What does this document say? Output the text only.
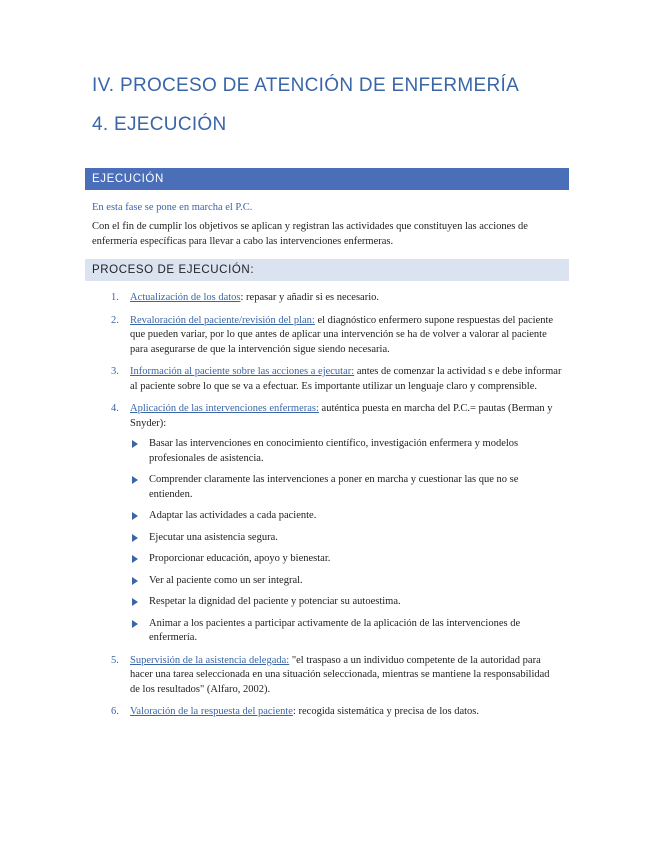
IV. PROCESO DE ATENCIÓN DE ENFERMERÍA
4. EJECUCIÓN
EJECUCIÓN
En esta fase se pone en marcha el P.C.
Con el fin de cumplir los objetivos se aplican y registran las actividades que constituyen las acciones de enfermería específicas para llevar a cabo las intervenciones enfermeras.
PROCESO DE EJECUCIÓN:
1. Actualización de los datos: repasar y añadir si es necesario.
2. Revaloración del paciente/revisión del plan: el diagnóstico enfermero supone respuestas del paciente que pueden variar, por lo que antes de aplicar una intervención se ha de volver a valorar al paciente para asegurarse de que la intervención sigue siendo necesaria.
3. Información al paciente sobre las acciones a ejecutar: antes de comenzar la actividad s e debe informar al paciente sobre lo que se va a efectuar. Es importante utilizar un lenguaje claro y comprensible.
4. Aplicación de las intervenciones enfermeras: auténtica puesta en marcha del P.C.= pautas (Berman y Snyder):
Basar las intervenciones en conocimiento científico, investigación enfermera y modelos profesionales de asistencia.
Comprender claramente las intervenciones a poner en marcha y cuestionar las que no se entienden.
Adaptar las actividades a cada paciente.
Ejecutar una asistencia segura.
Proporcionar educación, apoyo y bienestar.
Ver al paciente como un ser integral.
Respetar la dignidad del paciente y potenciar su autoestima.
Animar a los pacientes a participar activamente de la aplicación de las intervenciones de enfermería.
5. Supervisión de la asistencia delegada: "el traspaso a un individuo competente de la autoridad para hacer una tarea seleccionada en una situación seleccionada, mientras se mantiene la responsabilidad de los resultados" (Alfaro, 2002).
6. Valoración de la respuesta del paciente: recogida sistemática y precisa de los datos.
